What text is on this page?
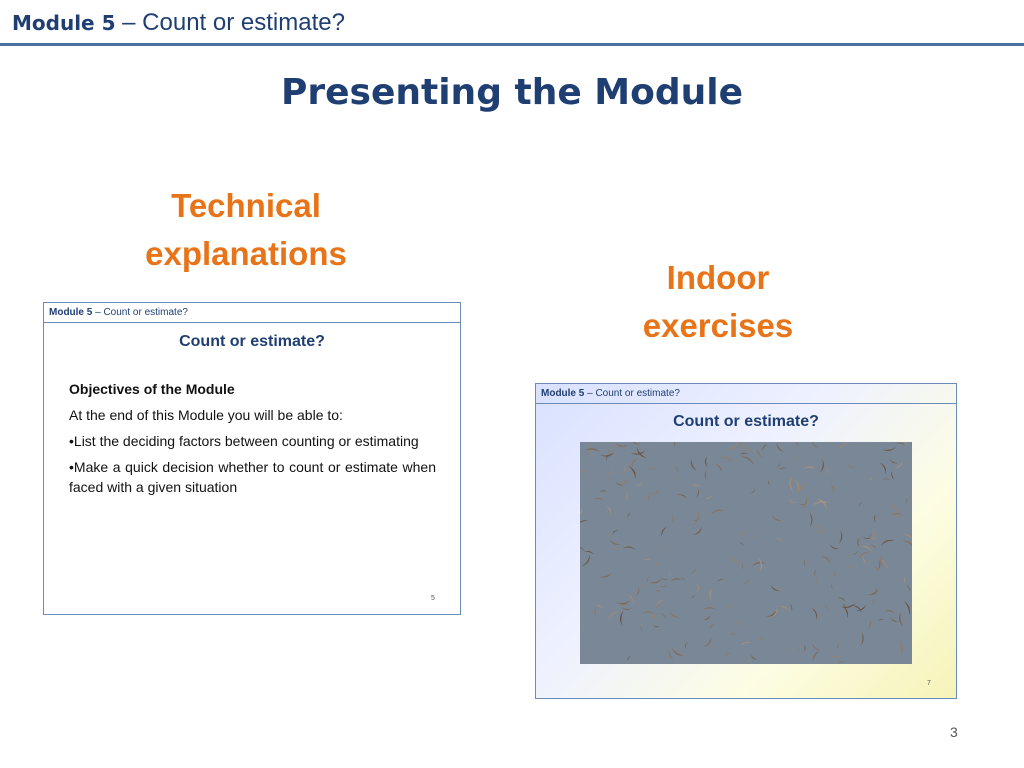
Module 5 – Count or estimate?
Presenting the Module
Technical explanations
Indoor exercises
Module 5 – Count or estimate?
Count or estimate?

Objectives of the Module

At the end of this Module you will be able to:

•List the deciding factors between counting or estimating

•Make a quick decision whether to count or estimate when faced with a given situation

5
Module 5 – Count or estimate?
Count or estimate?
7
3
